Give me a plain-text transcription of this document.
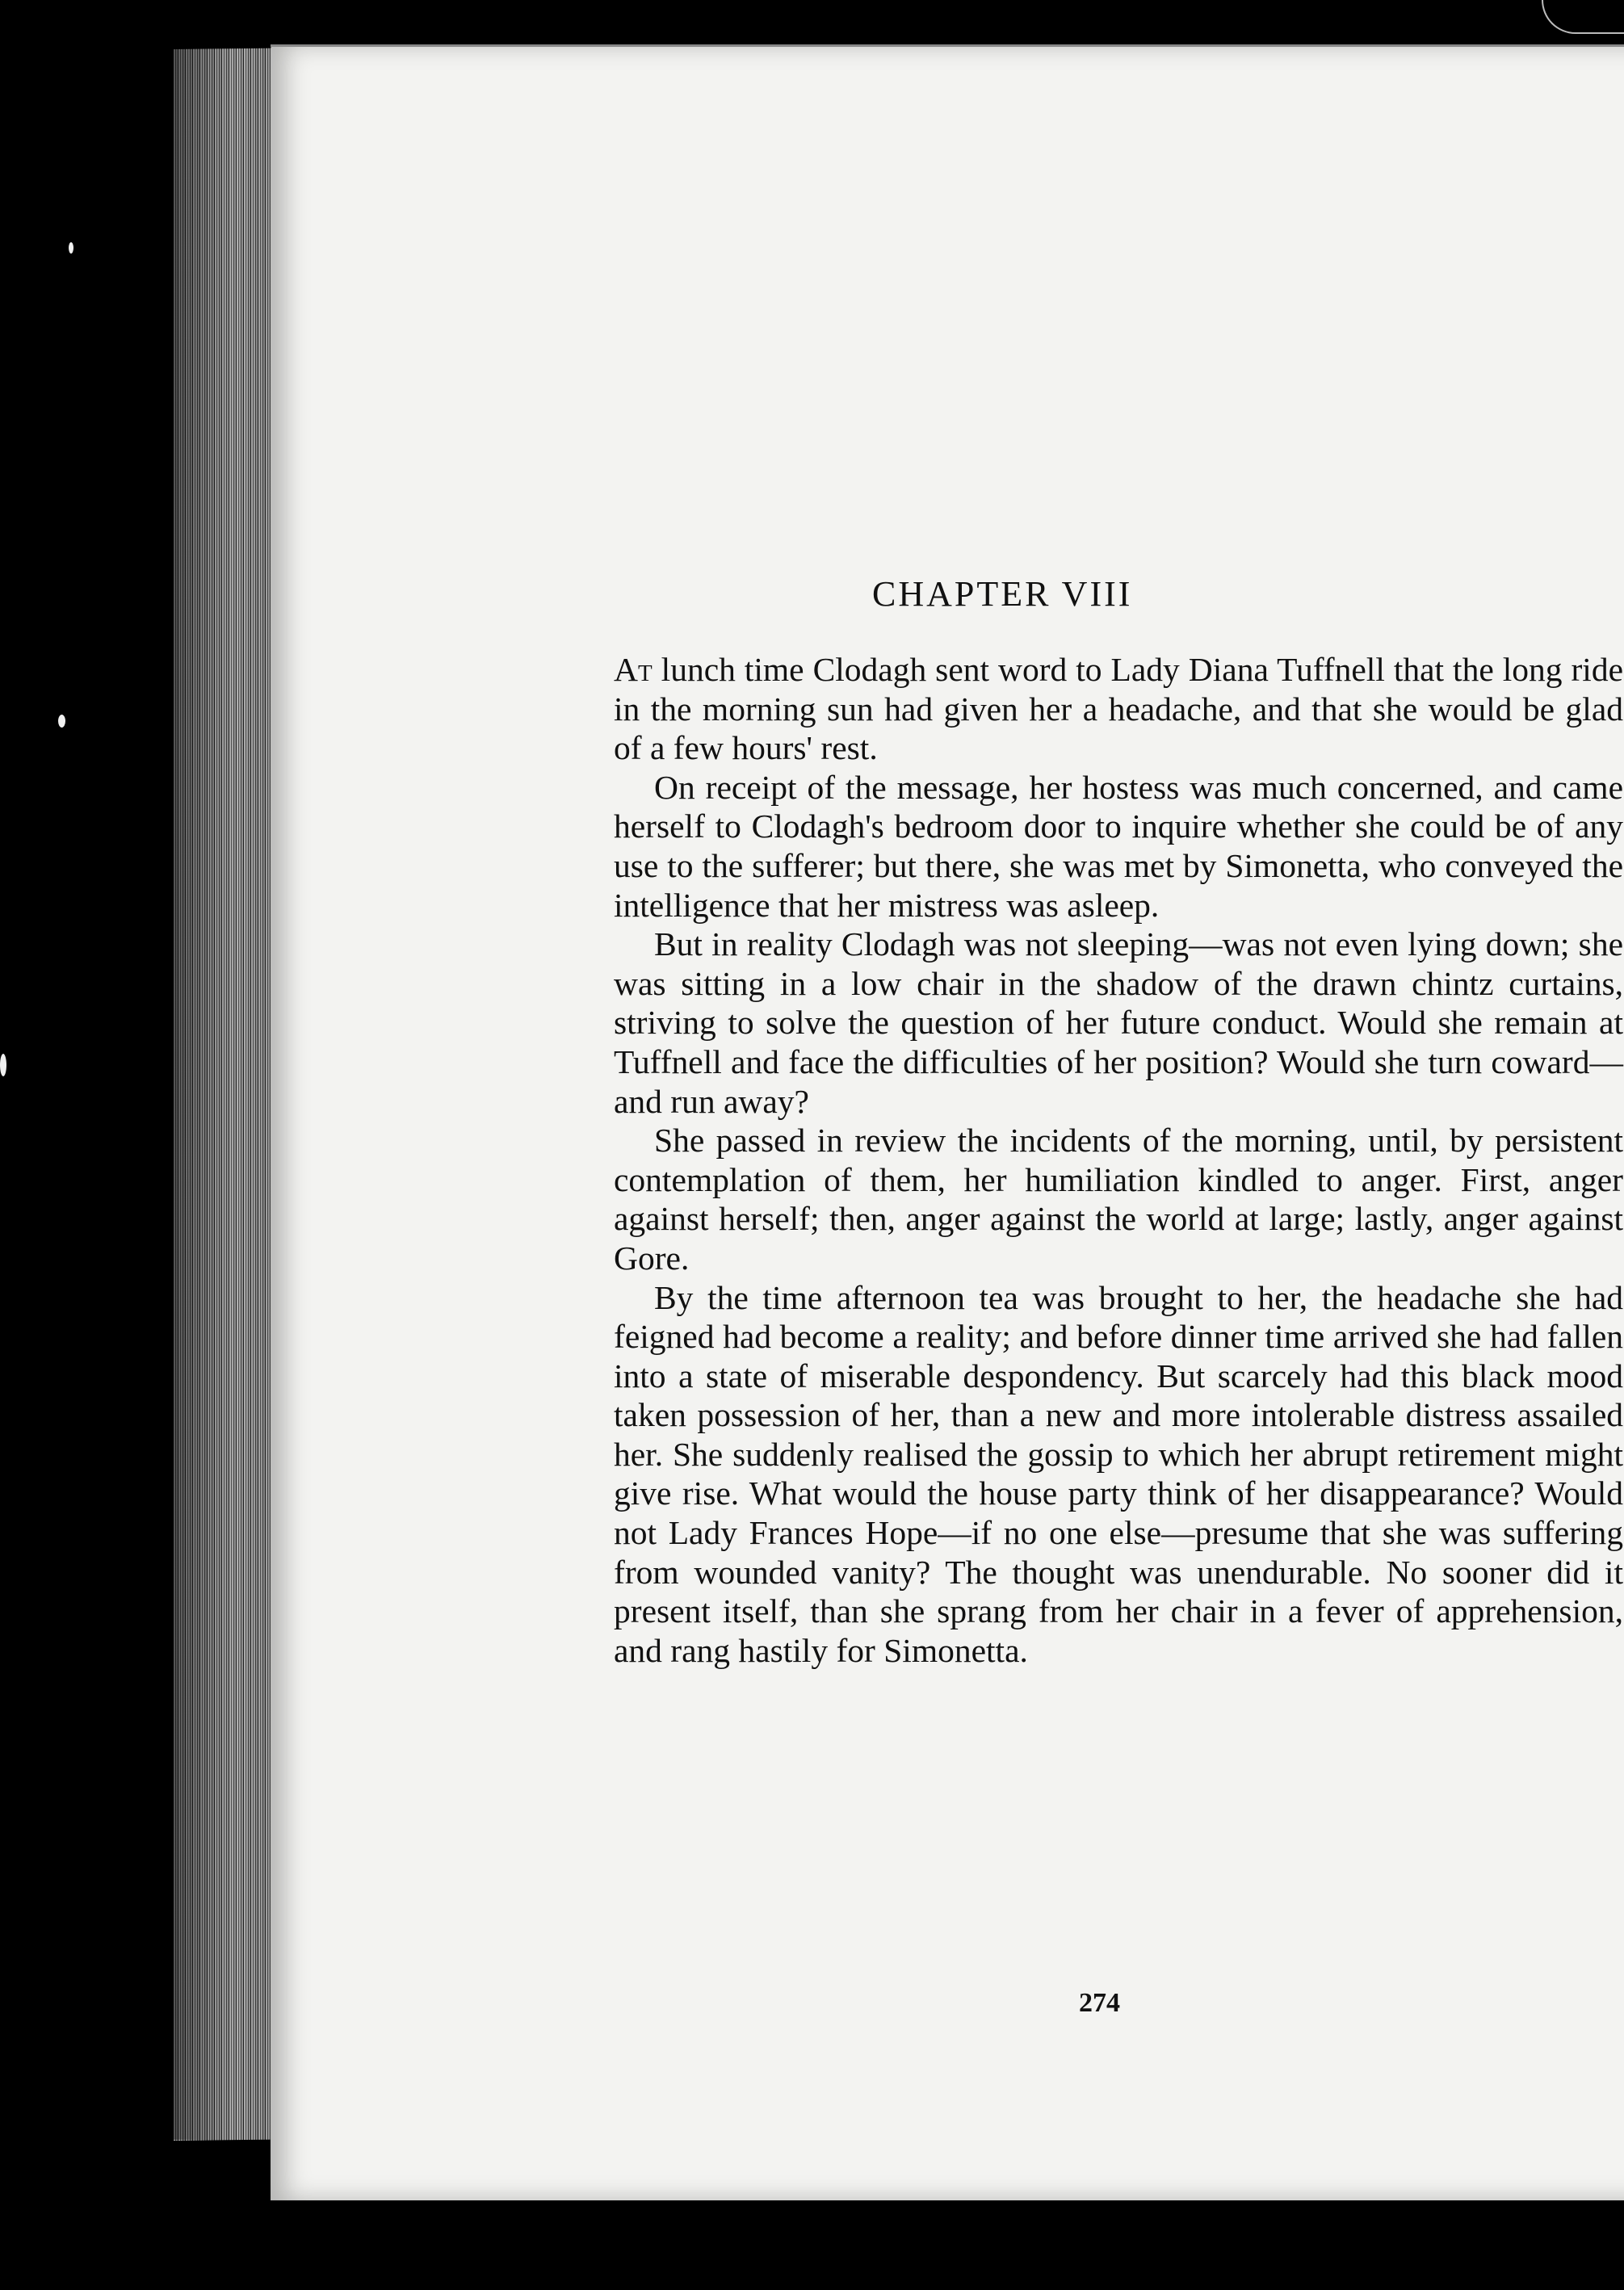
CHAPTER VIII

At lunch time Clodagh sent word to Lady Diana Tuffnell that the long ride in the morning sun had given her a headache, and that she would be glad of a few hours' rest.

On receipt of the message, her hostess was much concerned, and came herself to Clodagh's bedroom door to inquire whether she could be of any use to the sufferer; but there, she was met by Simonetta, who conveyed the intelligence that her mistress was asleep.

But in reality Clodagh was not sleeping—was not even lying down; she was sitting in a low chair in the shadow of the drawn chintz curtains, striving to solve the question of her future conduct. Would she remain at Tuffnell and face the difficulties of her position? Would she turn coward—and run away?

She passed in review the incidents of the morning, until, by persistent contemplation of them, her humiliation kindled to anger. First, anger against herself; then, anger against the world at large; lastly, anger against Gore.

By the time afternoon tea was brought to her, the headache she had feigned had become a reality; and before dinner time arrived she had fallen into a state of miserable despondency. But scarcely had this black mood taken possession of her, than a new and more intolerable distress assailed her. She suddenly realised the gossip to which her abrupt retirement might give rise. What would the house party think of her disappearance? Would not Lady Frances Hope—if no one else—presume that she was suffering from wounded vanity? The thought was unendurable. No sooner did it present itself, than she sprang from her chair in a fever of apprehension, and rang hastily for Simonetta.

274
